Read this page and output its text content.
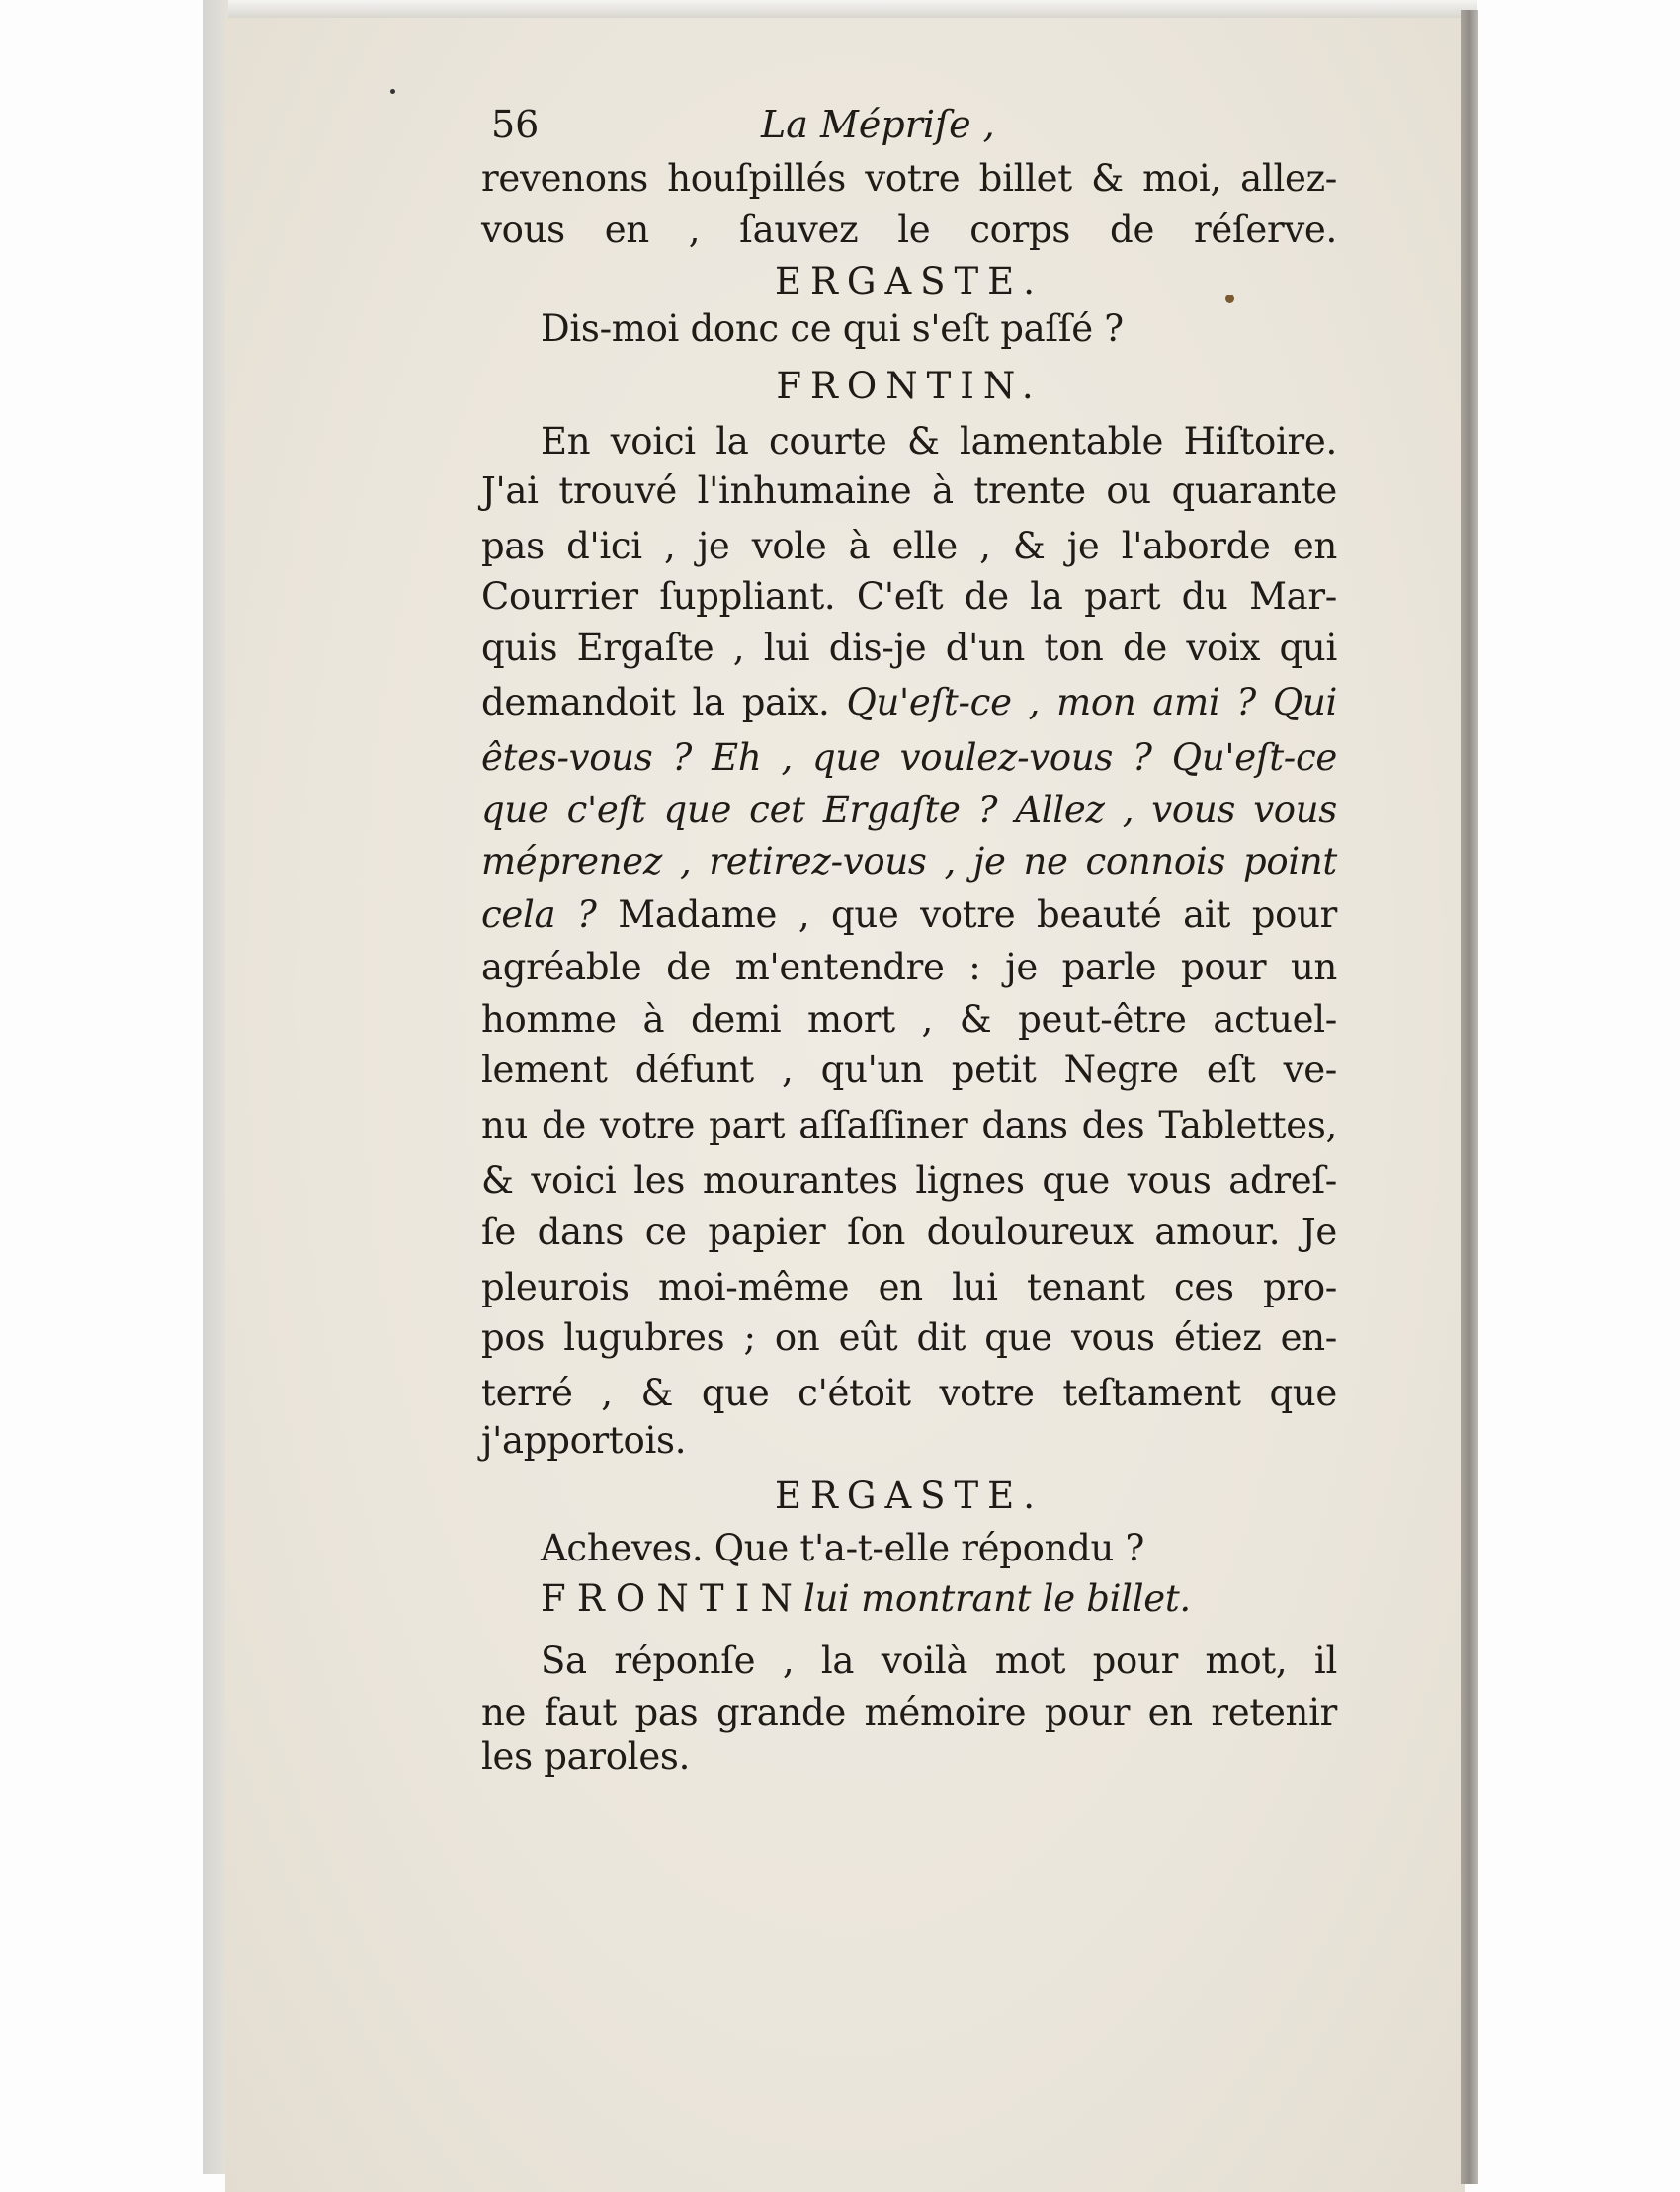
56	La Mépriſe ,
revenons houſpillés votre billet & moi, allez-
vous en , ſauvez le corps de réſerve.
ERGASTE.
Dis-moi donc ce qui s'eſt paſſé ?
FRONTIN.
En voici la courte & lamentable Hiſtoire.
J'ai trouvé l'inhumaine à trente ou quarante
pas d'ici , je vole à elle , & je l'aborde en
Courrier ſuppliant. C'eſt de la part du Mar-
quis Ergaſte , lui dis-je d'un ton de voix qui
demandoit la paix. Qu'eſt-ce , mon ami ? Qui
êtes-vous ? Eh , que voulez-vous ? Qu'eſt-ce
que c'eſt que cet Ergaſte ? Allez , vous vous
méprenez , retirez-vous , je ne connois point
cela ? Madame , que votre beauté ait pour
agréable de m'entendre : je parle pour un
homme à demi mort , & peut-être actuel-
lement défunt , qu'un petit Negre eſt ve-
nu de votre part aſſaſſiner dans des Tablettes,
& voici les mourantes lignes que vous adreſ-
ſe dans ce papier ſon douloureux amour. Je
pleurois moi-même en lui tenant ces pro-
pos lugubres ; on eût dit que vous étiez en-
terré , & que c'étoit votre teſtament que
j'apportois.
ERGASTE.
Acheves. Que t'a-t-elle répondu ?
F R O N T I N lui montrant le billet.
Sa réponſe , la voilà mot pour mot, il
ne faut pas grande mémoire pour en retenir
les paroles.
